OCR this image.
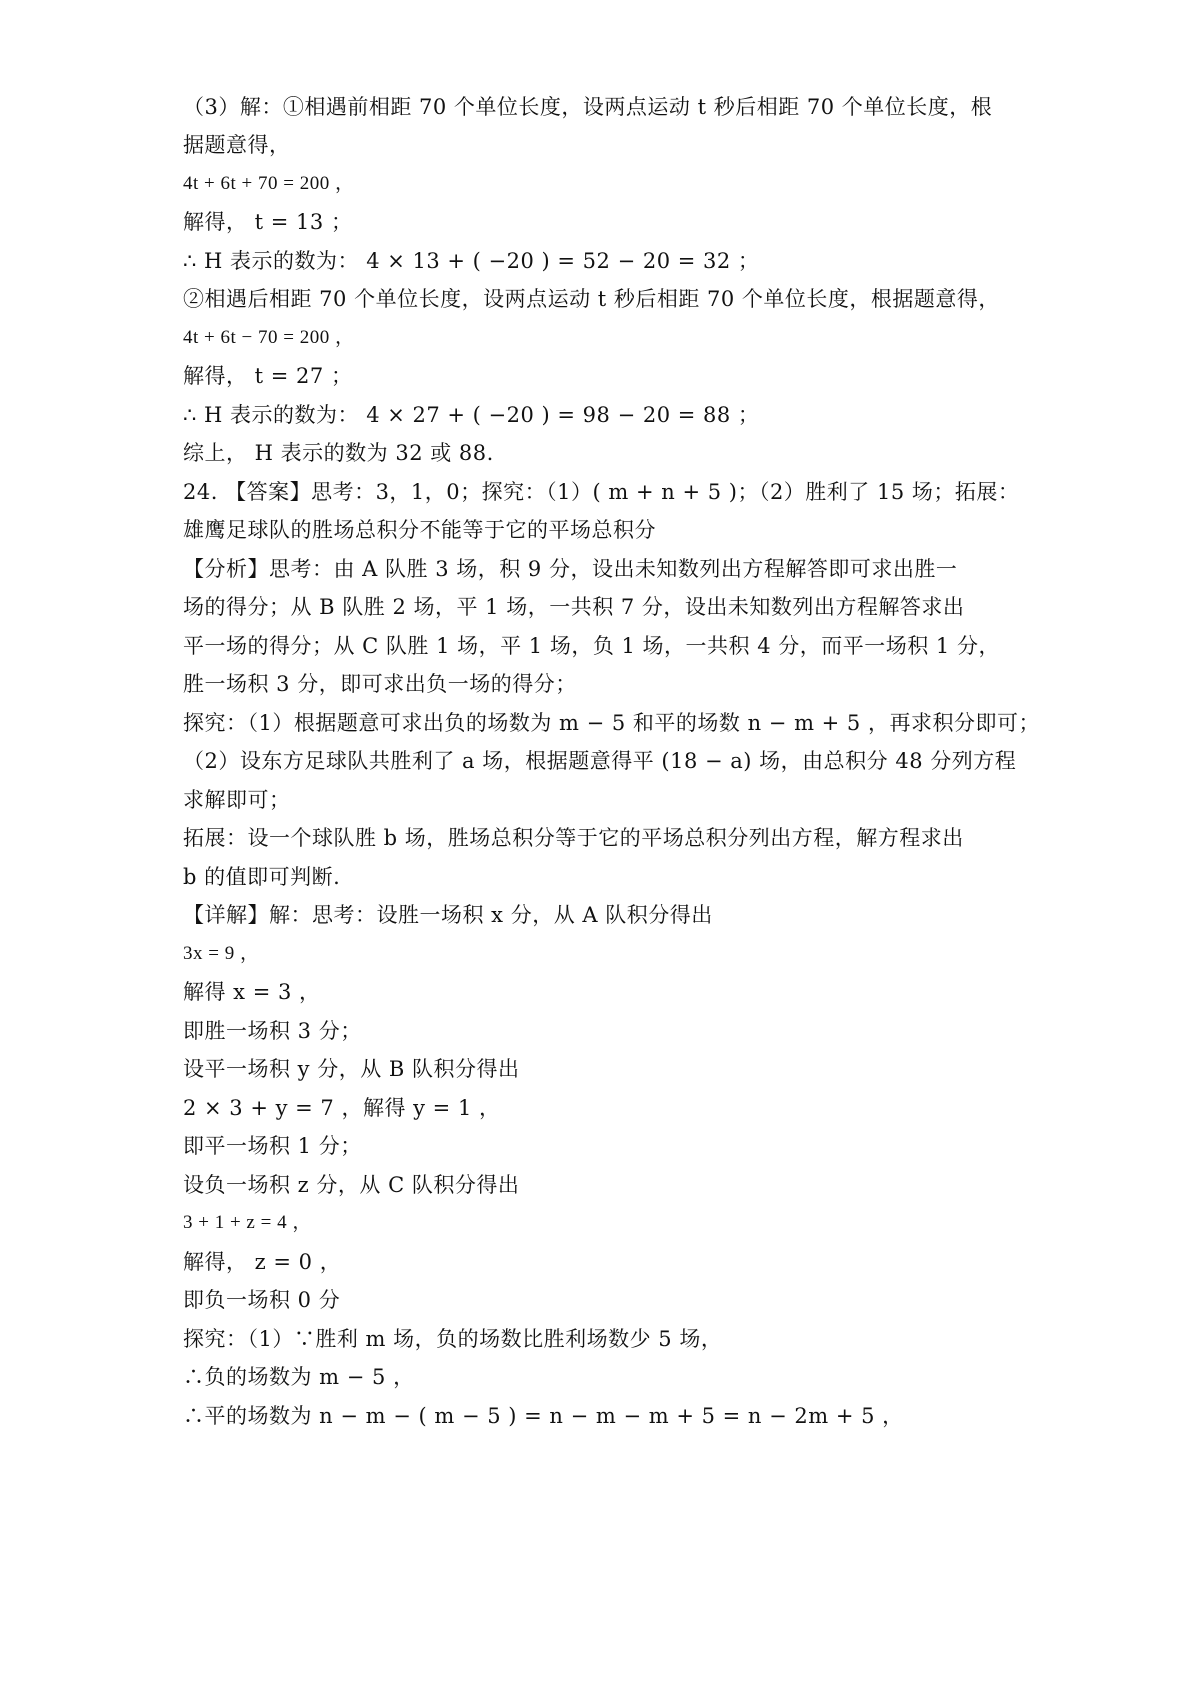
（3）解：①相遇前相距 70 个单位长度，设两点运动 t 秒后相距 70 个单位长度，根
据题意得，
4t + 6t + 70 = 200 ，
解得， t = 13 ；
∴ H 表示的数为： 4 × 13 + ( −20 ) = 52 − 20 = 32 ；
②相遇后相距 70 个单位长度，设两点运动 t 秒后相距 70 个单位长度，根据题意得，
4t + 6t − 70 = 200 ，
解得， t = 27 ；
∴ H 表示的数为： 4 × 27 + ( −20 ) = 98 − 20 = 88 ；
综上， H 表示的数为 32 或 88.
24. 【答案】思考：3，1，0；探究：（1）( m + n + 5 )；（2）胜利了 15 场；拓展：
雄鹰足球队的胜场总积分不能等于它的平场总积分
【分析】思考：由 A 队胜 3 场，积 9 分，设出未知数列出方程解答即可求出胜一
场的得分；从 B 队胜 2 场，平 1 场，一共积 7 分，设出未知数列出方程解答求出
平一场的得分；从 C 队胜 1 场，平 1 场，负 1 场，一共积 4 分，而平一场积 1 分，
胜一场积 3 分，即可求出负一场的得分；
探究：（1）根据题意可求出负的场数为 m − 5 和平的场数 n − m + 5 ，再求积分即可；
（2）设东方足球队共胜利了 a 场，根据题意得平 (18 − a) 场，由总积分 48 分列方程
求解即可；
拓展：设一个球队胜 b 场，胜场总积分等于它的平场总积分列出方程，解方程求出
b 的值即可判断.
【详解】解：思考：设胜一场积 x 分，从 A 队积分得出
3x = 9 ，
解得 x = 3 ，
即胜一场积 3 分；
设平一场积 y 分，从 B 队积分得出
2 × 3 + y = 7 ，解得 y = 1 ，
即平一场积 1 分；
设负一场积 z 分，从 C 队积分得出
3 + 1 + z = 4 ，
解得， z = 0 ，
即负一场积 0 分
探究：（1）∵胜利 m 场，负的场数比胜利场数少 5 场，
∴负的场数为 m − 5 ，
∴平的场数为 n − m − ( m − 5 ) = n − m − m + 5 = n − 2m + 5 ，
